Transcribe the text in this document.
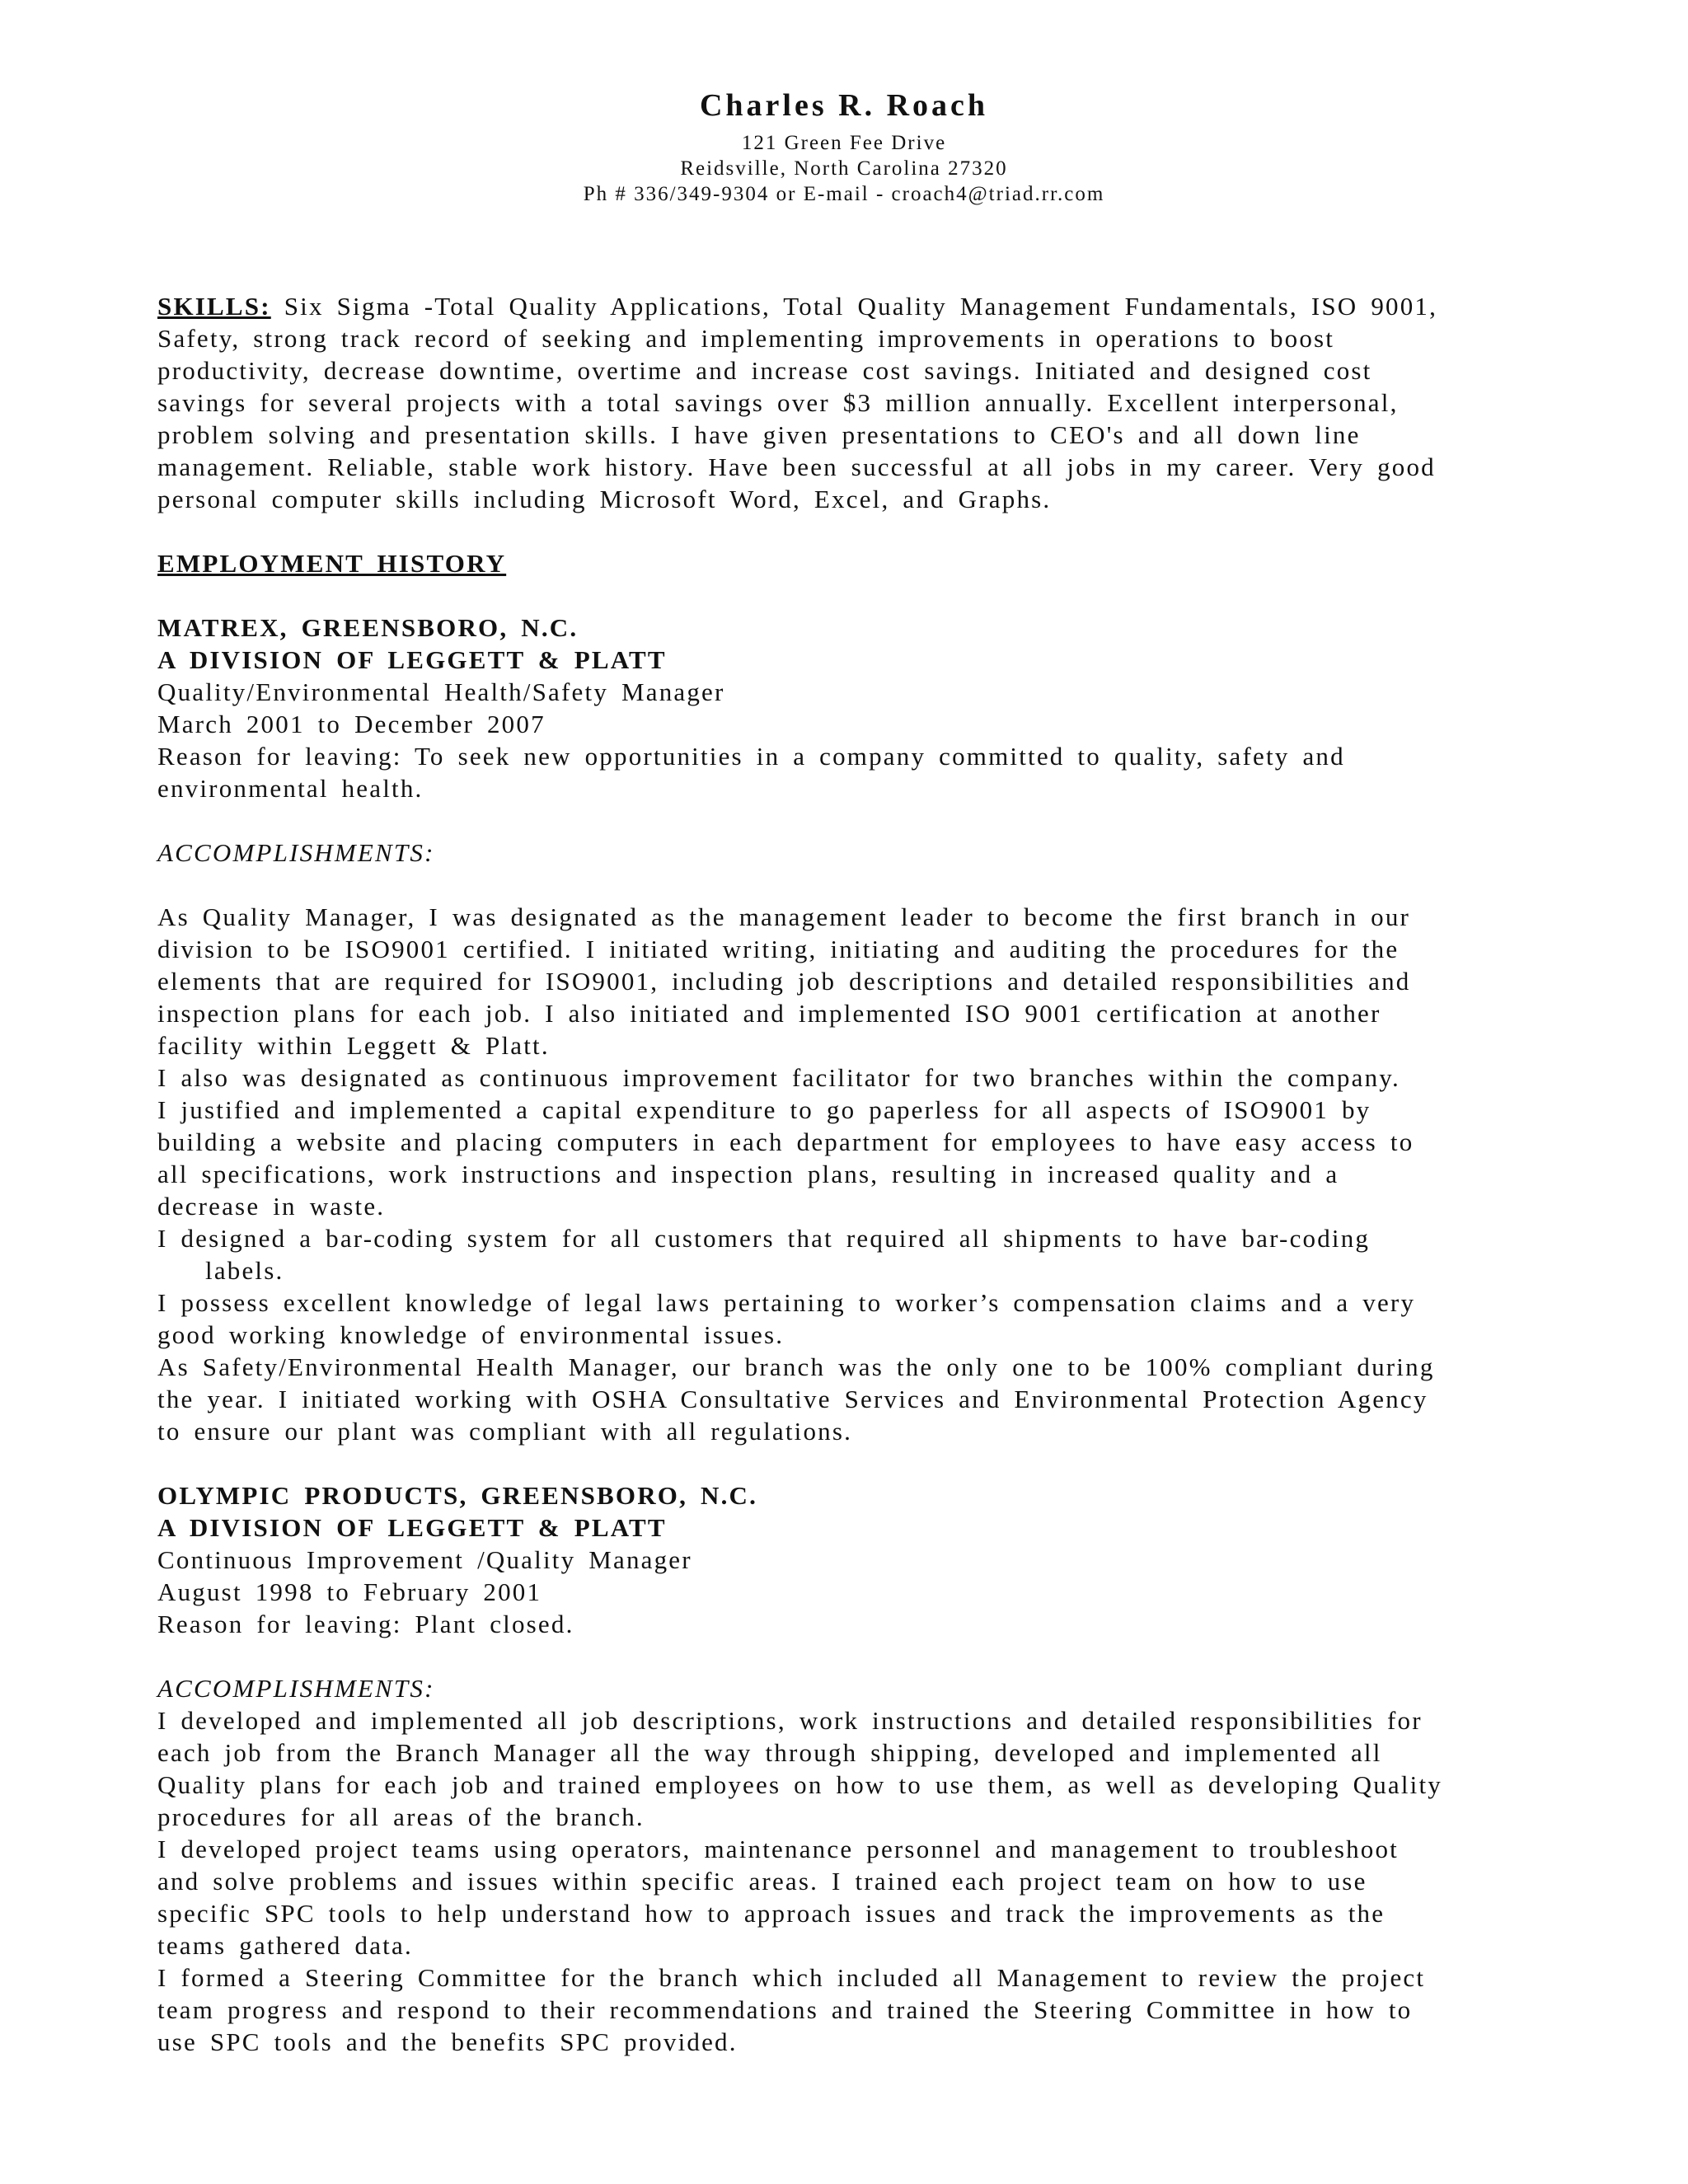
Charles R. Roach
121 Green Fee Drive
Reidsville, North Carolina 27320
Ph # 336/349-9304 or E-mail - croach4@triad.rr.com
SKILLS: Six Sigma -Total Quality Applications, Total Quality Management Fundamentals, ISO 9001,
Safety, strong track record of seeking and implementing improvements in operations to boost
productivity, decrease downtime, overtime and increase cost savings. Initiated and designed cost
savings for several projects with a total savings over $3 million annually. Excellent interpersonal,
problem solving and presentation skills. I have given presentations to CEO's and all down line
management. Reliable, stable work history. Have been successful at all jobs in my career. Very good
personal computer skills including Microsoft Word, Excel, and Graphs.
EMPLOYMENT HISTORY
MATREX, GREENSBORO, N.C.
A DIVISION OF LEGGETT & PLATT
Quality/Environmental Health/Safety Manager
March 2001 to December 2007
Reason for leaving: To seek new opportunities in a company committed to quality, safety and
environmental health.
ACCOMPLISHMENTS:
As Quality Manager, I was designated as the management leader to become the first branch in our
division to be ISO9001 certified. I initiated writing, initiating and auditing the procedures for the
elements that are required for ISO9001, including job descriptions and detailed responsibilities and
inspection plans for each job. I also initiated and implemented ISO 9001 certification at another
facility within Leggett & Platt.
I also was designated as continuous improvement facilitator for two branches within the company.
I justified and implemented a capital expenditure to go paperless for all aspects of ISO9001 by
building a website and placing computers in each department for employees to have easy access to
all specifications, work instructions and inspection plans, resulting in increased quality and a
decrease in waste.
I designed a bar-coding system for all customers that required all shipments to have bar-coding
labels.
I possess excellent knowledge of legal laws pertaining to worker’s compensation claims and a very
good working knowledge of environmental issues.
As Safety/Environmental Health Manager, our branch was the only one to be 100% compliant during
the year. I initiated working with OSHA Consultative Services and Environmental Protection Agency
to ensure our plant was compliant with all regulations.
OLYMPIC PRODUCTS, GREENSBORO, N.C.
A DIVISION OF LEGGETT & PLATT
Continuous Improvement /Quality Manager
August 1998 to February 2001
Reason for leaving: Plant closed.
ACCOMPLISHMENTS:
I developed and implemented all job descriptions, work instructions and detailed responsibilities for
each job from the Branch Manager all the way through shipping, developed and implemented all
Quality plans for each job and trained employees on how to use them, as well as developing Quality
procedures for all areas of the branch.
I developed project teams using operators, maintenance personnel and management to troubleshoot
and solve problems and issues within specific areas. I trained each project team on how to use
specific SPC tools to help understand how to approach issues and track the improvements as the
teams gathered data.
I formed a Steering Committee for the branch which included all Management to review the project
team progress and respond to their recommendations and trained the Steering Committee in how to
use SPC tools and the benefits SPC provided.
